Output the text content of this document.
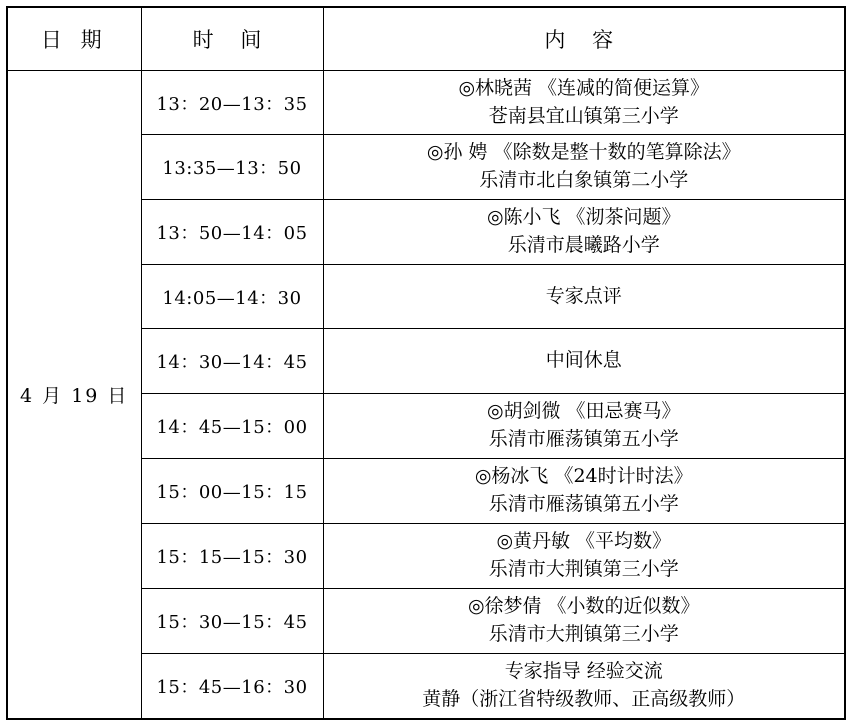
日 期	时 间	内 容
4 月 19 日	13：20—13：35	◎林晓茜 《连减的简便运算》
苍南县宜山镇第三小学

	13:35—13：50	◎孙 娉 《除数是整十数的笔算除法》
乐清市北白象镇第二小学

	13：50—14：05	◎陈小飞 《沏茶问题》
乐清市晨曦路小学

	14:05—14：30	专家点评

	14：30—14：45	中间休息

	14：45—15：00	◎胡剑微 《田忌赛马》
乐清市雁荡镇第五小学

	15：00—15：15	◎杨冰飞 《24时计时法》
乐清市雁荡镇第五小学

	15：15—15：30	◎黄丹敏 《平均数》
乐清市大荆镇第三小学

	15：30—15：45	◎徐梦倩 《小数的近似数》
乐清市大荆镇第三小学

	15：45—16：30	专家指导 经验交流
黄静（浙江省特级教师、正高级教师）
